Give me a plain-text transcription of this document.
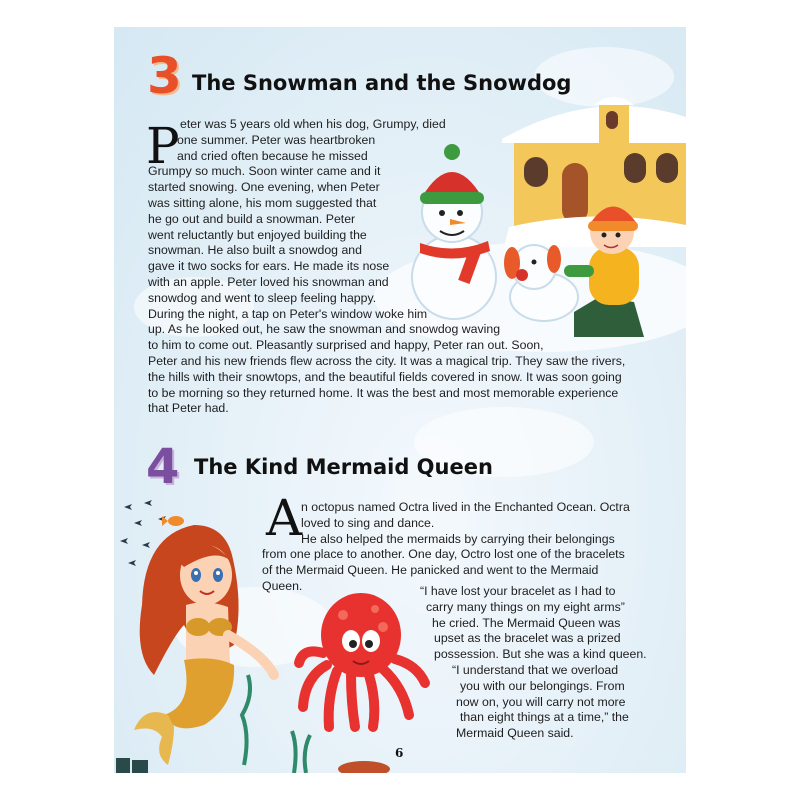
3 The Snowman and the Snowdog
P eter was 5 years old when his dog, Grumpy, died
one summer. Peter was heartbroken
and cried often because he missed
Grumpy so much. Soon winter came and it
started snowing. One evening, when Peter
was sitting alone, his mom suggested that
he go out and build a snowman. Peter
went reluctantly but enjoyed building the
snowman. He also built a snowdog and
gave it two socks for ears. He made its nose
with an apple. Peter loved his snowman and
snowdog and went to sleep feeling happy.
During the night, a tap on Peter's window woke him
up. As he looked out, he saw the snowman and snowdog waving
to him to come out. Pleasantly surprised and happy, Peter ran out. Soon,
Peter and his new friends flew across the city. It was a magical trip. They saw the rivers,
the hills with their snowtops, and the beautiful fields covered in snow. It was soon going
to be morning so they returned home. It was the best and most memorable experience
that Peter had.
4 The Kind Mermaid Queen
A
n octopus named Octra lived in the Enchanted Ocean. Octra
loved to sing and dance.
He also helped the mermaids by carrying their belongings
from one place to another. One day, Octro lost one of the bracelets
of the Mermaid Queen. He panicked and went to the Mermaid
Queen.	“I have lost your bracelet as I had to
carry many things on my eight arms”
he cried. The Mermaid Queen was
upset as the bracelet was a prized
possession. But she was a kind queen.
“I understand that we overload
you with our belongings. From
now on, you will carry not more
than eight things at a time,” the
Mermaid Queen said.
6
